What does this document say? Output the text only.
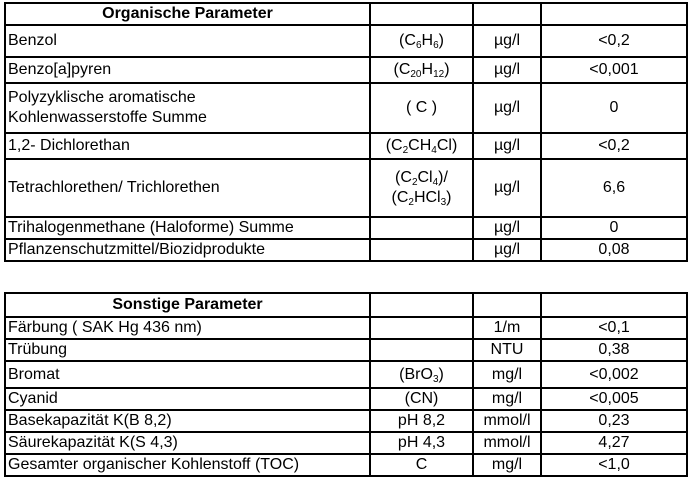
Organische Parameter			
Benzol	$(C_6H_6)$	µg/l	<0,2
Benzo[a]pyren	$(C_{20}H_{12})$	µg/l	<0,001

Polyzyklische aromatische
Kohlenwasserstoffe Summe	( C )	µg/l	0
1,2- Dichlorethan	$(C_2CH_4Cl)$	µg/l	<0,2
Tetrachlorethen/ Trichlorethen	$(C_2Cl_4)/$
$(C_2HCl_3)$	µg/l	6,6
Trihalogenmethane (Haloforme) Summe		µg/l	0
Pflanzenschutzmittel/Biozidprodukte		µg/l	0,08
Sonstige Parameter			
Färbung ( SAK Hg 436 nm)		1/m	<0,1
Trübung		NTU	0,38
Bromat	(BrO$_3$)	mg/l	<0,002
Cyanid	(CN)	mg/l	<0,005
Basekapazität K(B 8,2)	pH 8,2	mmol/l	0,23
Säurekapazität K(S 4,3)	pH 4,3	mmol/l	4,27
Gesamter organischer Kohlenstoff (TOC)	C	mg/l	<1,0
